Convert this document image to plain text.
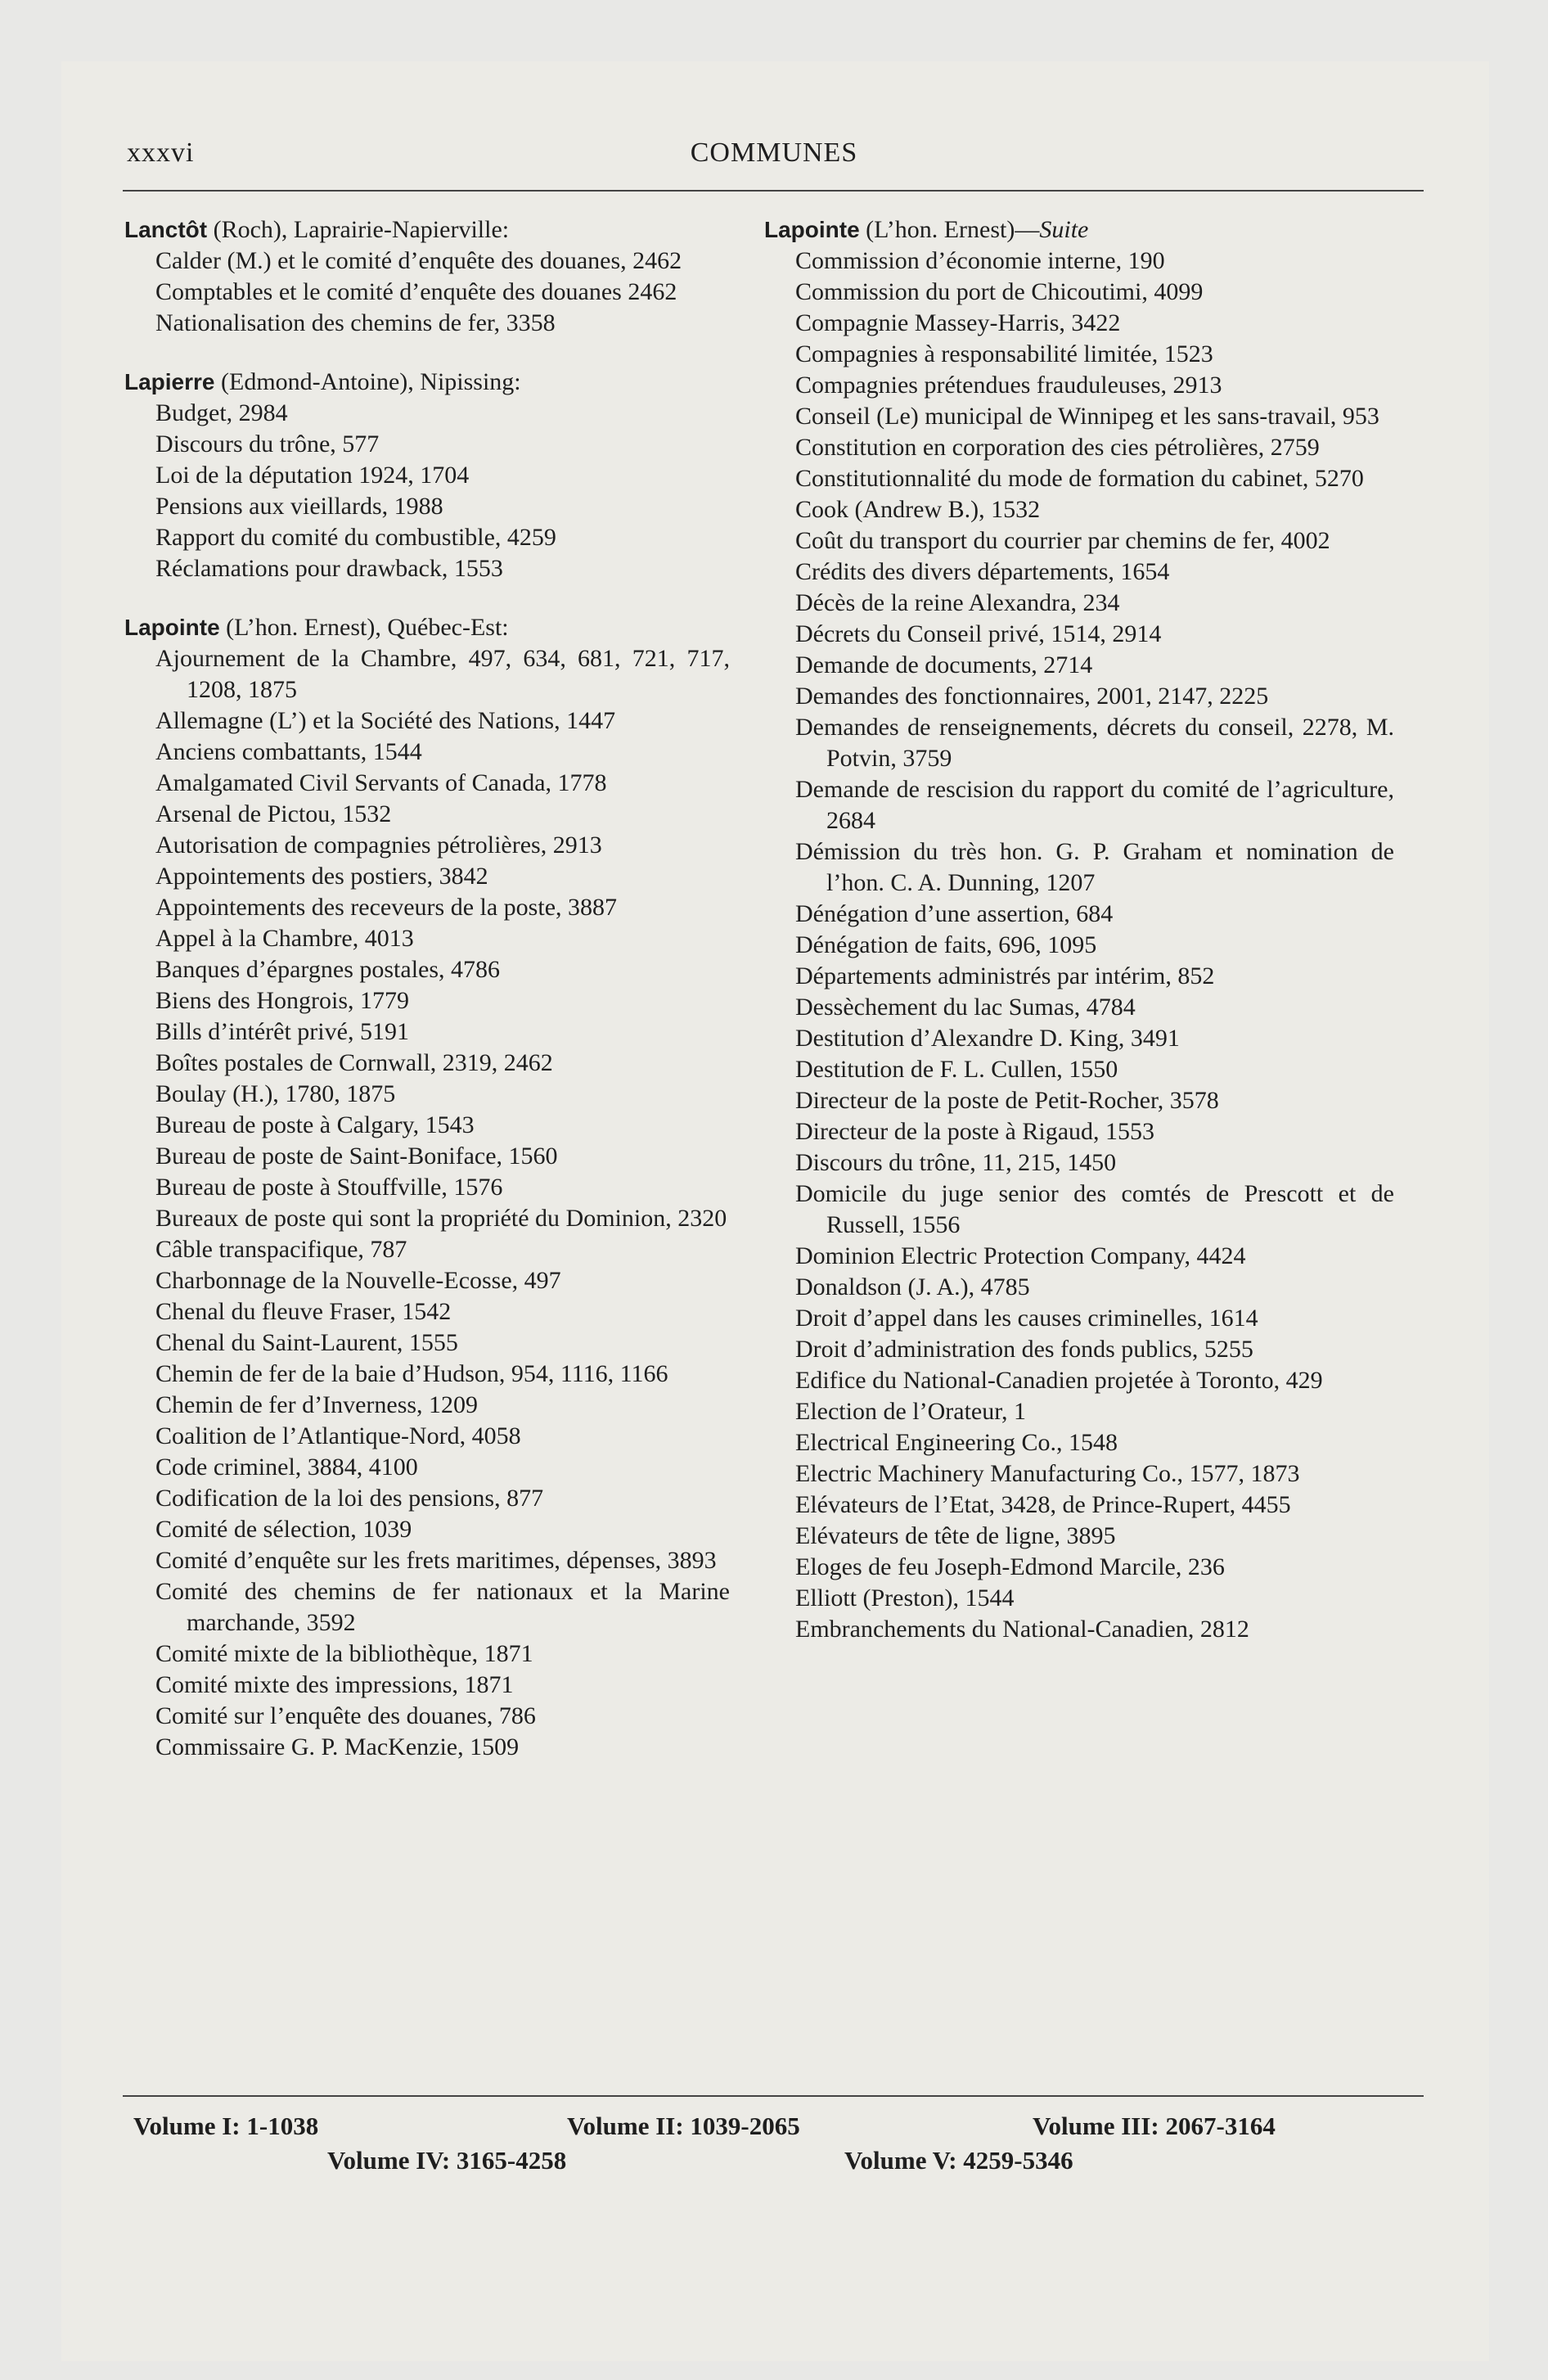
xxxvi	COMMUNES
Lanctôt (Roch), Laprairie-Napierville:
Calder (M.) et le comité d’enquête des douanes, 2462
Comptables et le comité d’enquête des douanes 2462
Nationalisation des chemins de fer, 3358
Lapierre (Edmond-Antoine), Nipissing:
Budget, 2984
Discours du trône, 577
Loi de la députation 1924, 1704
Pensions aux vieillards, 1988
Rapport du comité du combustible, 4259
Réclamations pour drawback, 1553
Lapointe (L’hon. Ernest), Québec-Est:
Ajournement de la Chambre, 497, 634, 681, 721, 717, 1208, 1875
Allemagne (L’) et la Société des Nations, 1447
Anciens combattants, 1544
Amalgamated Civil Servants of Canada, 1778
Arsenal de Pictou, 1532
Autorisation de compagnies pétrolières, 2913
Appointements des postiers, 3842
Appointements des receveurs de la poste, 3887
Appel à la Chambre, 4013
Banques d’épargnes postales, 4786
Biens des Hongrois, 1779
Bills d’intérêt privé, 5191
Boîtes postales de Cornwall, 2319, 2462
Boulay (H.), 1780, 1875
Bureau de poste à Calgary, 1543
Bureau de poste de Saint-Boniface, 1560
Bureau de poste à Stouffville, 1576
Bureaux de poste qui sont la propriété du Dominion, 2320
Câble transpacifique, 787
Charbonnage de la Nouvelle-Ecosse, 497
Chenal du fleuve Fraser, 1542
Chenal du Saint-Laurent, 1555
Chemin de fer de la baie d’Hudson, 954, 1116, 1166
Chemin de fer d’Inverness, 1209
Coalition de l’Atlantique-Nord, 4058
Code criminel, 3884, 4100
Codification de la loi des pensions, 877
Comité de sélection, 1039
Comité d’enquête sur les frets maritimes, dépenses, 3893
Comité des chemins de fer nationaux et la Marine marchande, 3592
Comité mixte de la bibliothèque, 1871
Comité mixte des impressions, 1871
Comité sur l’enquête des douanes, 786
Commissaire G. P. MacKenzie, 1509
Lapointe (L’hon. Ernest)—Suite
Commission d’économie interne, 190
Commission du port de Chicoutimi, 4099
Compagnie Massey-Harris, 3422
Compagnies à responsabilité limitée, 1523
Compagnies prétendues frauduleuses, 2913
Conseil (Le) municipal de Winnipeg et les sans-travail, 953
Constitution en corporation des cies pétrolières, 2759
Constitutionnalité du mode de formation du cabinet, 5270
Cook (Andrew B.), 1532
Coût du transport du courrier par chemins de fer, 4002
Crédits des divers départements, 1654
Décès de la reine Alexandra, 234
Décrets du Conseil privé, 1514, 2914
Demande de documents, 2714
Demandes des fonctionnaires, 2001, 2147, 2225
Demandes de renseignements, décrets du conseil, 2278, M. Potvin, 3759
Demande de rescision du rapport du comité de l’agriculture, 2684
Démission du très hon. G. P. Graham et nomination de l’hon. C. A. Dunning, 1207
Dénégation d’une assertion, 684
Dénégation de faits, 696, 1095
Départements administrés par intérim, 852
Dessèchement du lac Sumas, 4784
Destitution d’Alexandre D. King, 3491
Destitution de F. L. Cullen, 1550
Directeur de la poste de Petit-Rocher, 3578
Directeur de la poste à Rigaud, 1553
Discours du trône, 11, 215, 1450
Domicile du juge senior des comtés de Prescott et de Russell, 1556
Dominion Electric Protection Company, 4424
Donaldson (J. A.), 4785
Droit d’appel dans les causes criminelles, 1614
Droit d’administration des fonds publics, 5255
Edifice du National-Canadien projetée à Toronto, 429
Election de l’Orateur, 1
Electrical Engineering Co., 1548
Electric Machinery Manufacturing Co., 1577, 1873
Elévateurs de l’Etat, 3428, de Prince-Rupert, 4455
Elévateurs de tête de ligne, 3895
Eloges de feu Joseph-Edmond Marcile, 236
Elliott (Preston), 1544
Embranchements du National-Canadien, 2812
Volume I: 1-1038	Volume II: 1039-2065	Volume III: 2067-3164
Volume IV: 3165-4258	Volume V: 4259-5346
